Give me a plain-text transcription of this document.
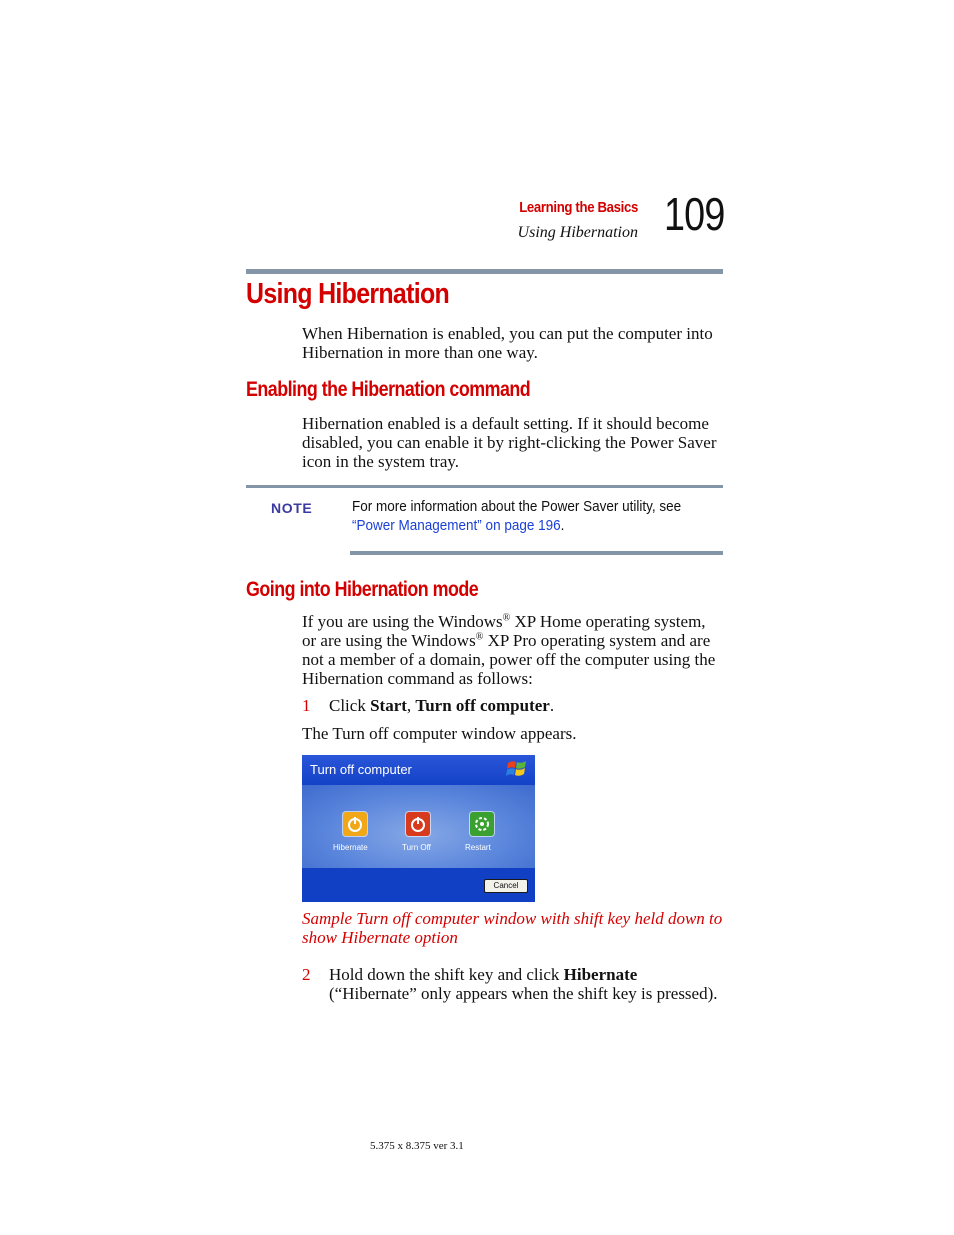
Learning the Basics
Using Hibernation 109
Using Hibernation
When Hibernation is enabled, you can put the computer into Hibernation in more than one way.
Enabling the Hibernation command
Hibernation enabled is a default setting. If it should become disabled, you can enable it by right-clicking the Power Saver icon in the system tray.
NOTE	For more information about the Power Saver utility, see
“Power Management” on page 196.
Going into Hibernation mode
If you are using the Windows® XP Home operating system,
or are using the Windows® XP Pro operating system and are not a member of a domain, power off the computer using the Hibernation command as follows:
1 Click Start, Turn off computer.
The Turn off computer window appears.
Turn off computer
Hibernate	Turn Off	Restart
Cancel
Sample Turn off computer window with shift key held down to show Hibernate option
2 Hold down the shift key and click Hibernate
(“Hibernate” only appears when the shift key is pressed).
5.375 x 8.375 ver 3.1
